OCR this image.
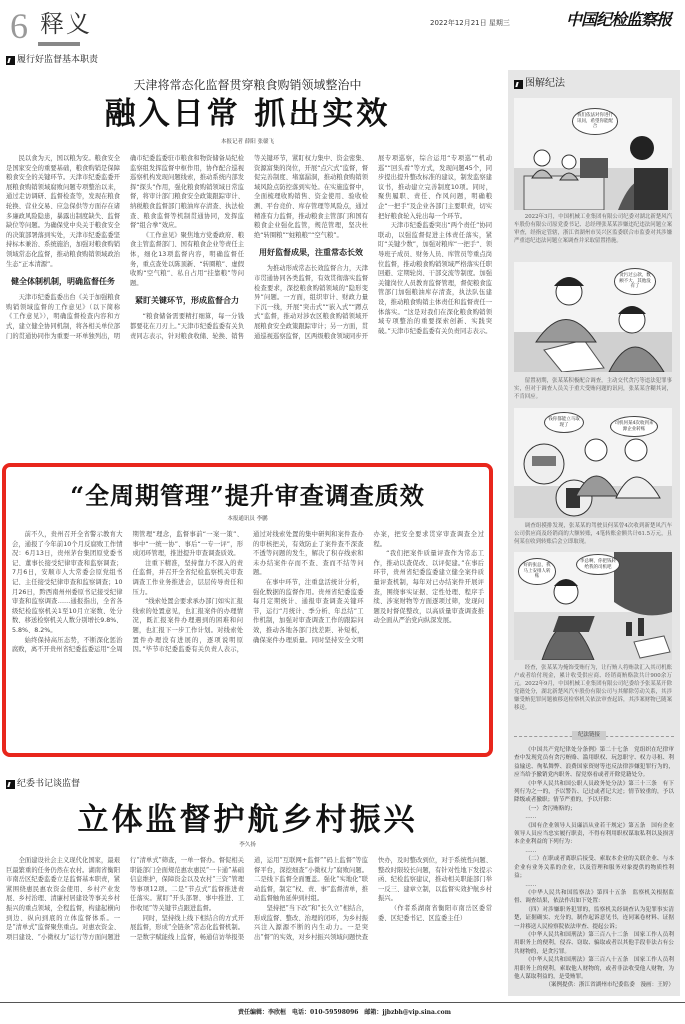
6 释义	2022年12月21日 星期三	中国纪检监察报
履行好监督基本职责
天津将常态化监督贯穿粮食购销领域整治中
融入日常 抓出实效
本报记者 薛阳 张赣飞

民以食为天，国以粮为安。粮食安全是国家安全的重要基础，粮食购销是保障粮食安全的关键环节。天津市纪委监委开展粮食购销领域腐败问题专项整治以来，通过走访调研、监督检查等，发现在粮食轮换、营业交易、应急保供等方面存在诸多廉政风险隐患，暴露出制度缺失、监督缺位等问题。为确保党中央关于粮食安全的决策部署落到实处，天津市纪委监委坚持标本兼治、系统施治，加强对粮食购销领域常态化监督，推动粮食购销领域政治生态“正本清源”。

健全体制机制，明确监督任务

天津市纪委监委出台《关于加强粮食购销领域监督的工作意见》（以下简称《工作意见》），明确监督检查内容和方式，建立健全协同机制，将各相关单位部门的贯通协同作为重要一环单独列出，明确市纪委监委驻市粮食和物资储备局纪检监察组发挥监督中枢作用，协作配合巡视巡察机构发现问题线索，推动系统内部发挥“探头”作用，强化粮食购销领域日常监督，将审计部门粮食安全政策跟踪审计、纳税粮食监督部门粮油库存清查、执法检查、粮食监督等机制贯通协同，发挥监督“组合拳”效应。

《工作意见》聚焦地方党委政府、粮食主管监督部门、国有粮食企业等责任主体，细化13项监督内容，明确监督任务，重点查处以陈顶新、“转圈粮”、虚假收购“空气粮”、私自占用“挂靠粮”等问题。

紧盯关键环节，形成监督合力

“粮食储备需要精打细算，每一分钱都要花在刀刃上。”天津市纪委监委有关负责同志表示，针对粮食收储、轮换、销售等关键环节，紧盯权力集中、资金密集、资源富集的岗位，开展“点穴式”监督，督促完善制度、堵塞漏洞，推动粮食购销领域风险点防控落到实处。在实施监督中，全面梳理收购销售、资金使用、验收检测、平台竞价、库存管理等风险点，通过精准有力监督，推动粮食主管部门和国有粮食企业强化监管，规范管理，坚决杜绝“转圈粮”“蛀粮粮”“空气粮”。

用好监督成果，注重常态长效

为推动形成常态长效监督合力，天津市贯通协同各类监督，有效贯彻落实监督检查要求，深挖粮食购销领域的“隐形变异”问题。一方面，组织审计、财政力量下沉一线，开展“突击式”“嵌入式”“蹲点式”监督，推动对涉农区粮食购销领域开展粮食安全政策跟踪审计；另一方面，贯通巡视巡察监督，区两级粮食领域同步开展专项巡察，综合运用“专项巡”“机动巡”“回头看”等方式，发现问题45个，同步提出提升整改标准的建议，制发监察建议书，推动建立完善制度10项。同时，聚焦履职、责任、作风问题，明确粮企“一把手”及企业各部门主要职责，切实把好粮食轮入轮出每一个环节。

天津市纪委监委突出“两个责任”协同联动，以强监督促进主体责任落实，紧盯“关键少数”，加强对粮库“一把手”、领导班子成员、财务人员、库管员等重点岗位监督，推动粮食购销领域严格落实任职回避、定期轮岗、干部交流等制度。加强关键岗位人员教育监督管理，督促粮食监管部门加强粮油库存清查，执法队伍建设，推动粮食购销主体责任和监督责任一体落实。“这是对我们在深化粮食购销领域专项整治的重要探索创新、实践突破。”天津市纪委监委有关负责同志表示。

“全周期管理”提升审查调查质效
本报通讯员 李鹏

前不久，贵州召开全省警示教育大会，通报了今年前10个月反腐败工作情况：6月13日，贵州茅台集团原党委书记、董事长接受纪律审查和监察调查；7月6日，安顺市人大常委会原党组书记、主任接受纪律审查和监察调查；10月26日，黔西南州州委原书记接受纪律审查和监察调查……通报指出，全省各级纪检监察机关1至10月立案数、处分数、移送检察机关人数分别增长9.8%、5.8%、8.2%。

始终保持高压态势，不断深化惩治腐败，离不开贵州省纪委监委运用“全周期管理”理念，监督事前“一案一策”、事中“一统一协”、事后“一专一评”，形成闭环管理，推进提升审查调查质效。

注重下精准，坚持靠力不深入的责任监督，并召开全省纪检监察机关审查调查工作业务推进会，层层传导责任和压力。

“线索处置会要求承办部门如实汇报线索的处置意见，也汇报案件的办理情况，既汇报案件办理遇到的困难和问题，也汇报下一步工作计划。对线索处置件办理没有进展的，逐项说明原因。”毕节市纪委监委有关负责人表示，通过对线索处置的集中研判和案件查办的审核把关，有效防止了案件查不深查不透等问题的发生，解决了积存线索和未办结案件存而不查、查而不结等问题。

在事中环节，注重盘活统计分析，强化数据的监督作用。贵州省纪委监委每月定期统计、通报审查调查关键环节，运行“月统计、季分析、年总结”工作机制，加强对审查调查工作的跟踪问效，推动各地各部门找差距、补短板，确保案件办理质量。同时坚持安全文明办案，把安全要求贯穿审查调查全过程。

“我们把案件质量评查作为常态工作，推动以查促改、以评促建。”在事后环节，贵州省纪委监委建立健全案件质量评查机制，每年对已办结案件开展评查，围绕事实证据、定性处理、程序手续、涉案财物等方面逐项过筛，发现问题及时督促整改，以高质量审查调查推动全面从严治党向纵深发展。

纪委书记谈监督
立体监督护航乡村振兴
李久扬

全面建设社会主义现代化国家，最艰巨最繁重的任务仍然在农村。湖南省衡阳市南岳区纪委监委立足监督基本职责，紧紧围绕惠民惠农资金使用、乡村产业发展、乡村治理、清廉村居建设等事关乡村振兴的重点领域，全程监督，构建起横向到边、纵向到底的立体监督体系。一是“清单式”监督聚焦重点。对惠农资金、项目建设、“小微权力”运行等方面问题进行“清单式”筛查，一单一督办。督促相关职能部门全面规范惠农惠民“一卡通”基础信息维护，保障资金以及农村“三资”管理等事项12项。二是“节点式”监督推进责任落实。紧盯“开头部署、事中推进、工作收尾”等关键节点跟进监督。

同时，坚持线上线下相结合的方式开展监督，形成“全链条”常态化监督机制。一是数字赋能线上监督，畅通信访举报渠道，运用“互联网+监督”“码上监督”等监督平台，深挖细查“小微权力”腐败问题。二是线下监督全面覆盖。强化“实地化”联动监督，制定“权、责、事”监督清单，推动监督触角延伸到村组。

坚持把“当下改”和“长久立”相结合，形成监督、整改、治理的闭环，为乡村振兴注入源源不断的内生动力。一是突出“督”的实效，对乡村振兴领域问题快查快办，及时整改到位，对于系统性问题、整改时限较长问题，有针对性地下发提示函、纪检监察建议，推动相关职能部门举一反三、建章立制，以监督实效护航乡村振兴。

（作者系湖南省衡阳市南岳区委常委、区纪委书记、区监委主任）

图解纪法
我们依法对你进行讯问，希望你能配合
2022年3月，中国机械工业集团有限公司纪委对湖北新楚风汽车股份有限公司原党委书记、总经理张某某涉嫌违纪违法问题立案审查，经指定管辖，浙江省湖州市吴兴区监委联合市监委对其涉嫌严重违纪违法问题立案调查并采取留置措施。
贪污过公款，数额不大，其他没有了
留置初期，张某某积极配合调查，主动交代贪污等违法犯罪事实，但对于调查人员关于重大受贿问题的讯问，张某某含糊其词，不肯回应。
钱你都能立马取现了	司机何某4次收到来源企业转账
调查组摸排发现，张某某的驾驶员何某曾4次收到新楚风汽车公司供应商及经销商的大额转账，4笔转账金额共计61.5万元，且何某在收到转账后会立即取现。
好的张总，我马上安排人转账
李总啊，你把钱转给我的司机吧
经查，张某某为掩饰受贿行为，让行贿人将贿款汇入其司机账户或者给付现金，累计收受供应商、经销商贿赂款共计900余万元。2022年9月，中国机械工业集团有限公司纪委给予张某某开除党籍处分，湖北新楚风汽车股份有限公司与其解除劳动关系，其涉嫌受贿犯罪问题被移送检察机关依法审查起诉，其涉案财物已随案移送。
纪法链接

《中国共产党纪律处分条例》第二十七条　党组织在纪律审查中发现党员有贪污贿赂、滥用职权、玩忽职守、权力寻租、利益输送、徇私舞弊、浪费国家资财等违反法律涉嫌犯罪行为的，应当给予撤销党内职务、留党察看或者开除党籍处分。

《中华人民共和国公职人员政务处分法》第三十三条　有下列行为之一的，予以警告、记过或者记大过；情节较重的，予以降级或者撤职；情节严重的，予以开除：

（一）贪污贿赂的；

……

《国有企业领导人员廉洁从业若干规定》第五条　国有企业领导人员应当忠实履行职责，不得有利用职权谋取私利以及损害本企业利益的下列行为：

……

（二）在职或者离职后接受、索取本企业的关联企业、与本企业有业务关系的企业，以及管理和服务对象提供的物质性利益；

……

《中华人民共和国监察法》第四十五条　监察机关根据监督、调查结果，依法作出如下处置：

（四）对涉嫌职务犯罪的，监察机关经调查认为犯罪事实清楚，证据确实、充分的，制作起诉意见书，连同案卷材料、证据一并移送人民检察院依法审查、提起公诉；

《中华人民共和国刑法》第三百八十二条　国家工作人员利用职务上的便利，侵吞、窃取、骗取或者以其他手段非法占有公共财物的，是贪污罪。

《中华人民共和国刑法》第三百八十五条　国家工作人员利用职务上的便利，索取他人财物的，或者非法收受他人财物，为他人谋取利益的，是受贿罪。

（案例提供：浙江省湖州市纪委监委　漫画：王婷）

责任编辑：李欣桓　电话：010-59598096　邮箱：jjbzbh@vip.sina.com
